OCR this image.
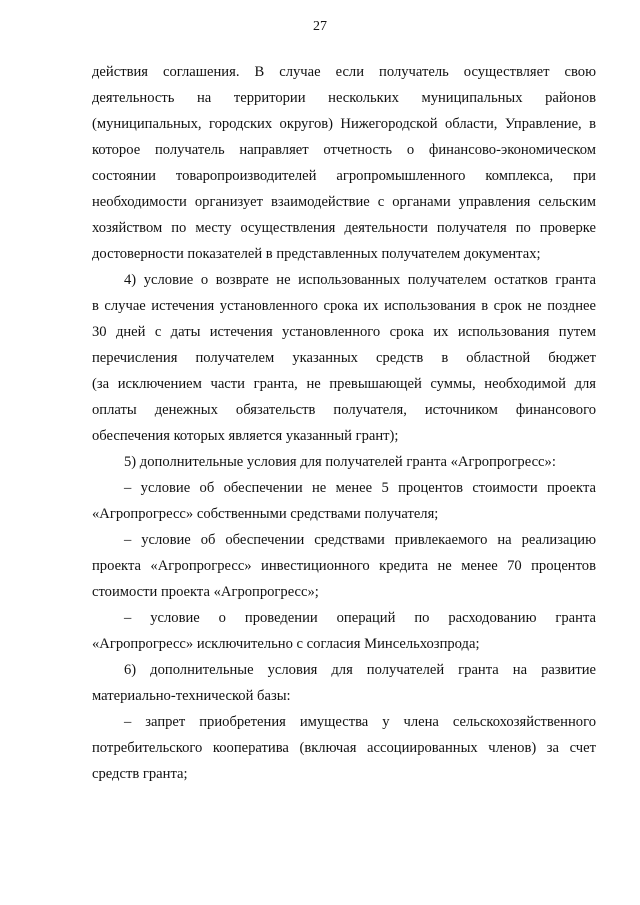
27

действия соглашения. В случае если получатель осуществляет свою
деятельность на территории нескольких муниципальных районов
(муниципальных, городских округов) Нижегородской области, Управление, в
которое получатель направляет отчетность о финансово-экономическом
состоянии товаропроизводителей агропромышленного комплекса, при
необходимости организует взаимодействие с органами управления сельским
хозяйством по месту осуществления деятельности получателя по проверке
достоверности показателей в представленных получателем документах;

4) условие о возврате не использованных получателем остатков гранта
в случае истечения установленного срока их использования в срок не позднее
30 дней с даты истечения установленного срока их использования путем
перечисления получателем указанных средств в областной бюджет
(за исключением части гранта, не превышающей суммы, необходимой для
оплаты денежных обязательств получателя, источником финансового
обеспечения которых является указанный грант);

5) дополнительные условия для получателей гранта «Агропрогресс»:

– условие об обеспечении не менее 5 процентов стоимости проекта
«Агропрогресс» собственными средствами получателя;

– условие об обеспечении средствами привлекаемого на реализацию
проекта «Агропрогресс» инвестиционного кредита не менее 70 процентов
стоимости проекта «Агропрогресс»;

– условие о проведении операций по расходованию гранта
«Агропрогресс» исключительно с согласия Минсельхозпрода;

6) дополнительные условия для получателей гранта на развитие
материально-технической базы:

– запрет приобретения имущества у члена сельскохозяйственного
потребительского кооператива (включая ассоциированных членов) за счет
средств гранта;
